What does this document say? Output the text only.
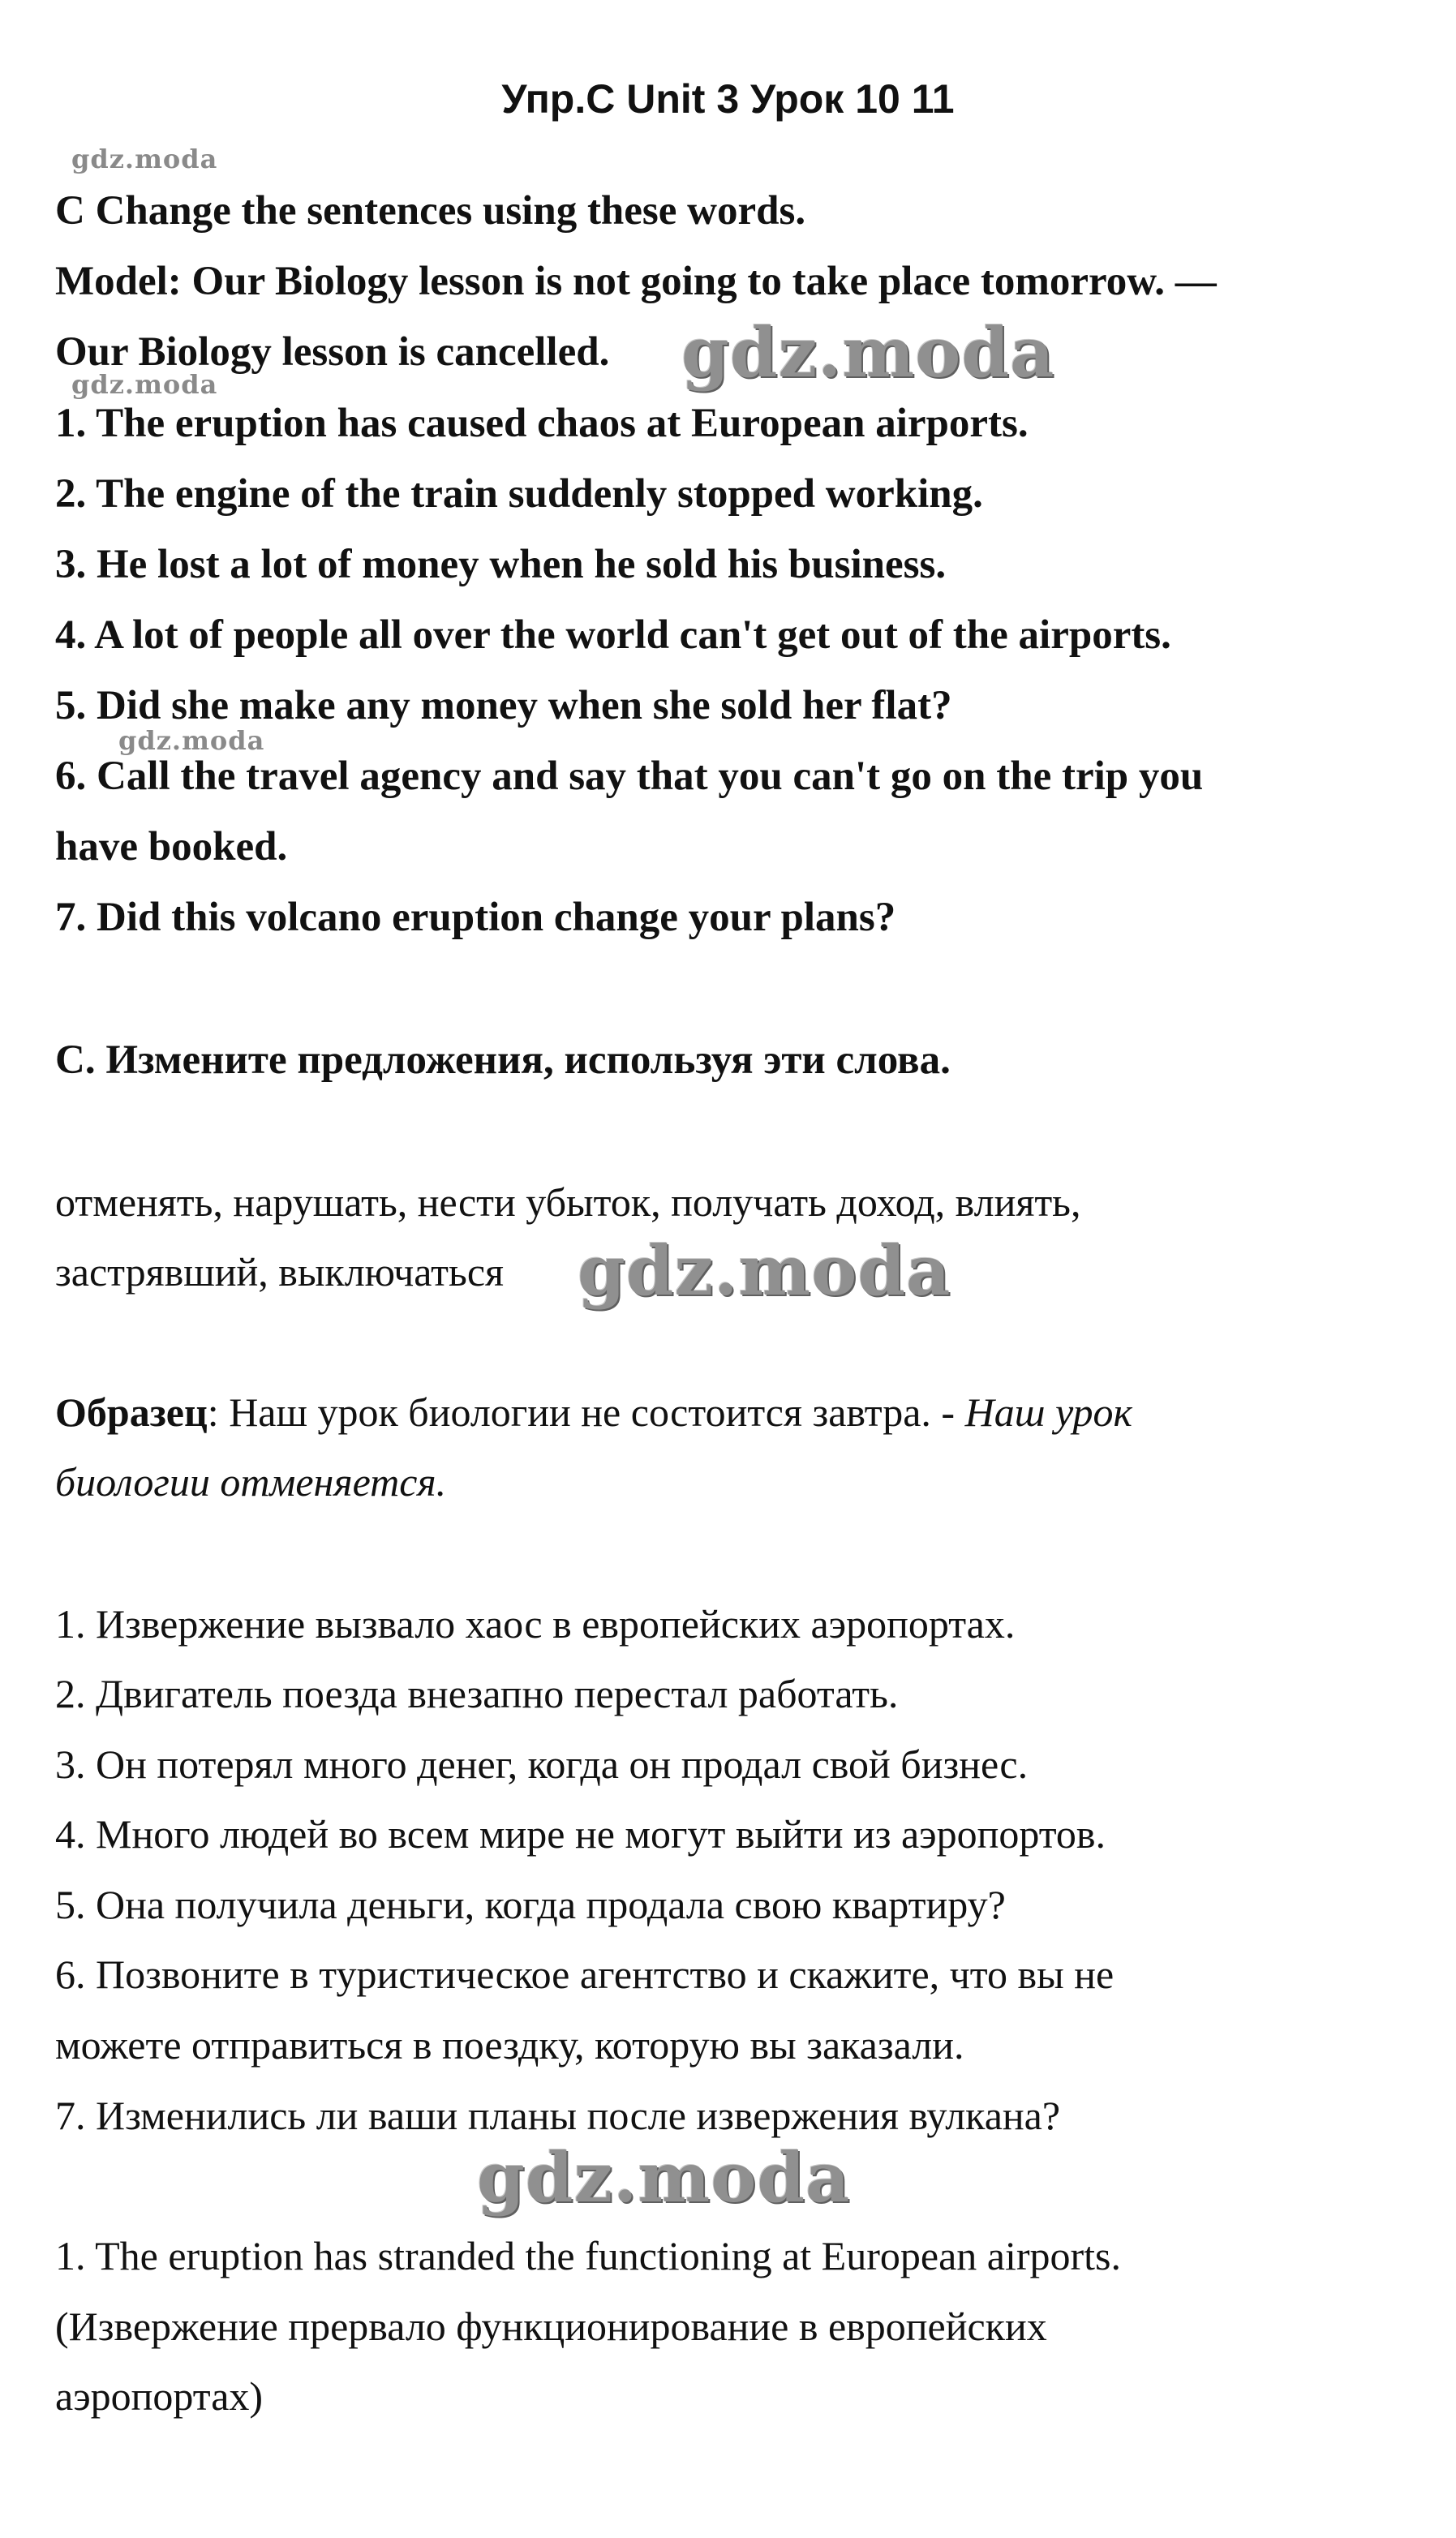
Упр.C Unit 3 Урок 10 11
gdz.moda
gdz.moda
gdz.moda
C Change the sentences using these words.
Model: Our Biology lesson is not going to take place tomorrow. —
Our Biology lesson is cancelled. gdz.moda
1. The eruption has caused chaos at European airports.
2. The engine of the train suddenly stopped working.
3. He lost a lot of money when he sold his business.
4. A lot of people all over the world can't get out of the airports.
5. Did she make any money when she sold her flat?
6. Call the travel agency and say that you can't go on the trip you
have booked.
7. Did this volcano eruption change your plans?
C. Измените предложения, используя эти слова.
отменять, нарушать, нести убыток, получать доход, влиять,
застрявший, выключаться gdz.moda
Образец: Наш урок биологии не состоится завтра. - Наш урок
биологии отменяется.
1. Извержение вызвало хаос в европейских аэропортах.
2. Двигатель поезда внезапно перестал работать.
3. Он потерял много денег, когда он продал свой бизнес.
4. Много людей во всем мире не могут выйти из аэропортов.
5. Она получила деньги, когда продала свою квартиру?
6. Позвоните в туристическое агентство и скажите, что вы не
можете отправиться в поездку, которую вы заказали.
7. Изменились ли ваши планы после извержения вулкана?
gdz.moda
1. The eruption has stranded the functioning at European airports.
(Извержение прервало функционирование в европейских
аэропортах)
